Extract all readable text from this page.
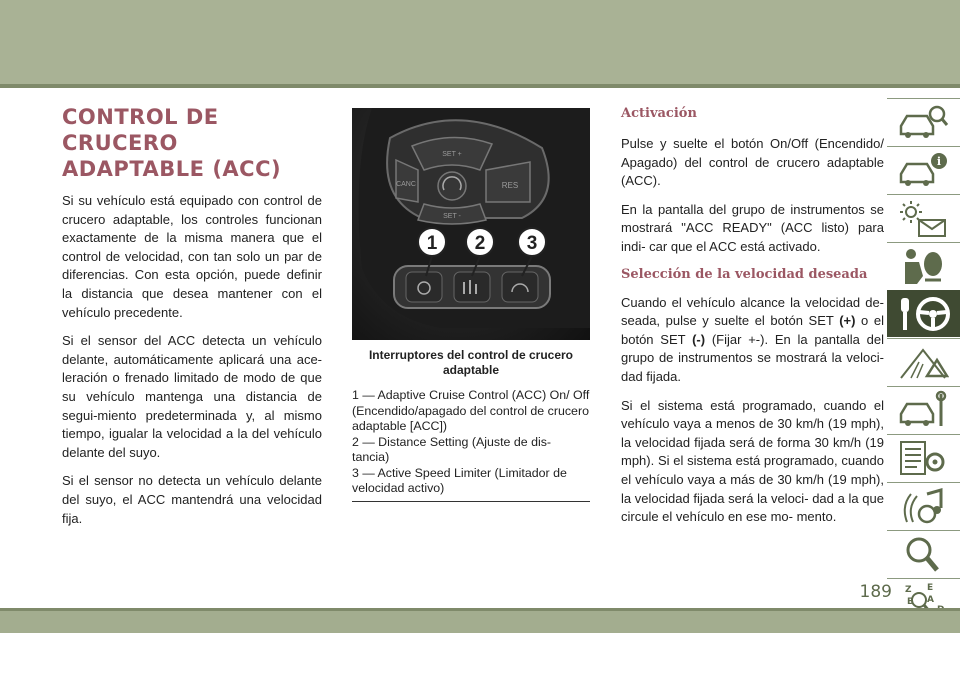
CONTROL DE CRUCERO
ADAPTABLE (ACC)

Si su vehículo está equipado con control de crucero adaptable, los controles funcionan exactamente de la misma manera que el control de velocidad, con tan solo un par de diferencias. Con esta opción, puede definir la distancia que desea mantener con el vehículo precedente.

Si el sensor del ACC detecta un vehículo delante, automáticamente aplicará una ace-leración o frenado limitado de modo de que su vehículo mantenga una distancia de segui-miento predeterminada y, al mismo tiempo, igualar la velocidad a la del vehículo delante del suyo.

Si el sensor no detecta un vehículo delante del suyo, el ACC mantendrá una velocidad fija.

SET +
CANC	RES
SET -
1 2 3
Interruptores del control de crucero adaptable

1 — Adaptive Cruise Control (ACC) On/ Off (Encendido/apagado del control de crucero adaptable [ACC])

2 — Distance Setting (Ajuste de dis- tancia)

3 — Active Speed Limiter (Limitador de velocidad activo)

Activación

Pulse y suelte el botón On/Off (Encendido/ Apagado) del control de crucero adaptable (ACC).

En la pantalla del grupo de instrumentos se mostrará "ACC READY" (ACC listo) para indi- car que el ACC está activado.

Selección de la velocidad deseada

Cuando el vehículo alcance la velocidad de- seada, pulse y suelte el botón SET (+) o el botón SET (-) (Fijar +-). En la pantalla del grupo de instrumentos se mostrará la veloci- dad fijada.

Si el sistema está programado, cuando el vehículo vaya a menos de 30 km/h (19 mph), la velocidad fijada será de forma 30 km/h (19 mph). Si el sistema está programado, cuando el vehículo vaya a más de 30 km/h (19 mph), la velocidad fijada será la veloci- dad a la que circule el vehículo en ese mo- mento.

i
Z E
B A
189
